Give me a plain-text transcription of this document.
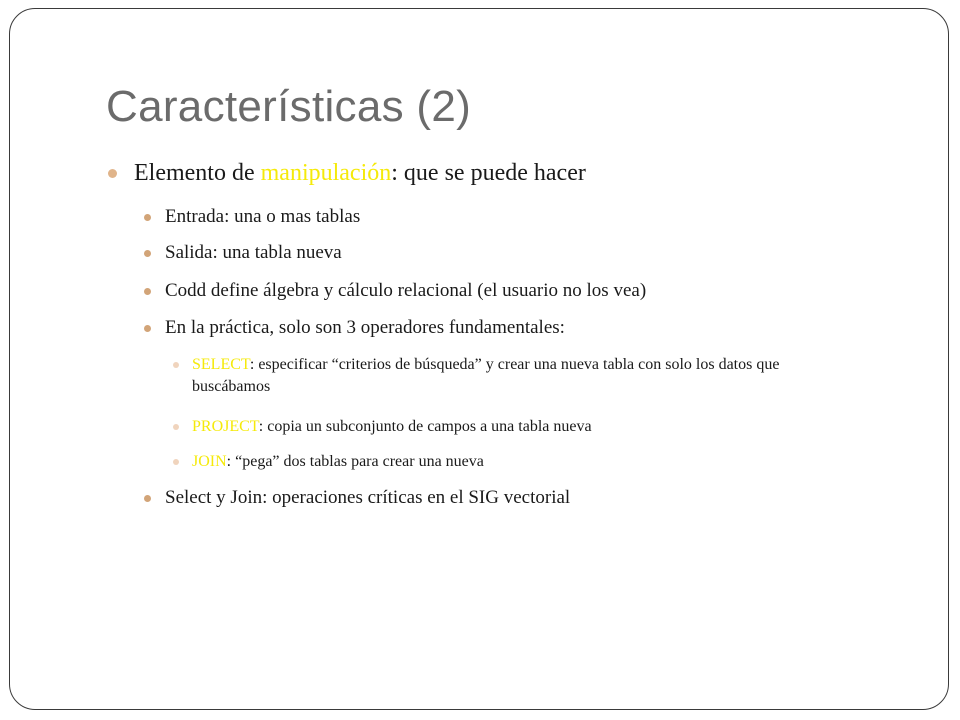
Características (2)
Elemento de manipulación: que se puede hacer
Entrada: una o mas tablas
Salida: una tabla nueva
Codd define álgebra y cálculo relacional (el usuario no los vea)
En la práctica, solo son 3 operadores fundamentales:
SELECT: especificar “criterios de búsqueda” y crear una nueva tabla con solo los datos que buscábamos
PROJECT: copia un subconjunto de campos a una tabla nueva
JOIN: “pega” dos tablas para crear una nueva
Select y Join: operaciones críticas en el SIG vectorial
